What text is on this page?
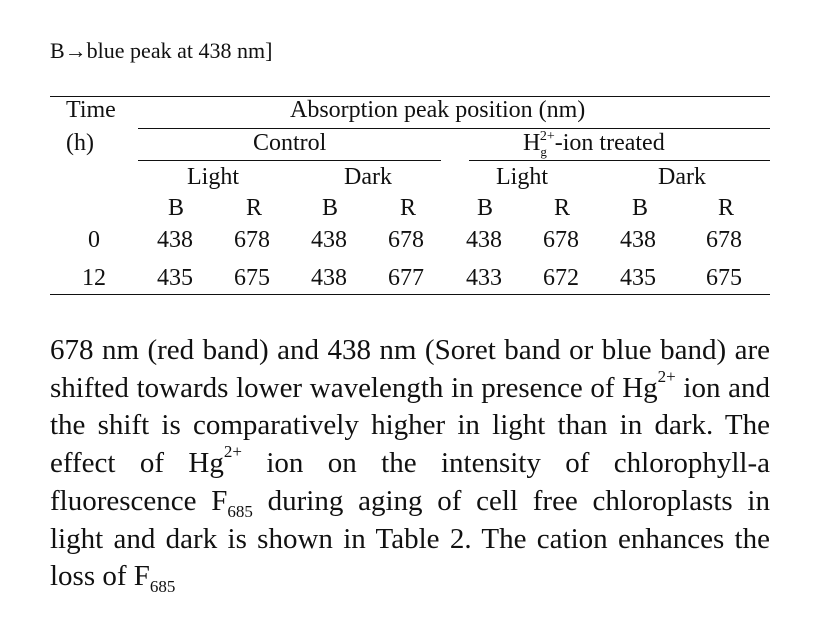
B→blue peak at 438 nm]
Time
(h)
Absorption peak position (nm)
Control	$H_g^{2+}$-ion treated
Light	Dark	Light	Dark
B	R B	R	B	R	B	R
0 438 678 438 678 438 678 438 678
12 435 675 438 677 433 672 435 675

678 nm (red band) and 438 nm (Soret band or blue band) are shifted towards lower wavelength in presence of $Hg^{2+}$ ion and the shift is comparatively higher in light than in dark. The effect of $Hg^{2+}$ ion on the intensity of chlorophyll-a fluorescence $F_{685}$ during aging of cell free chloroplasts in light and dark is shown in Table 2. The cation enhances the loss of $F_{685}$
